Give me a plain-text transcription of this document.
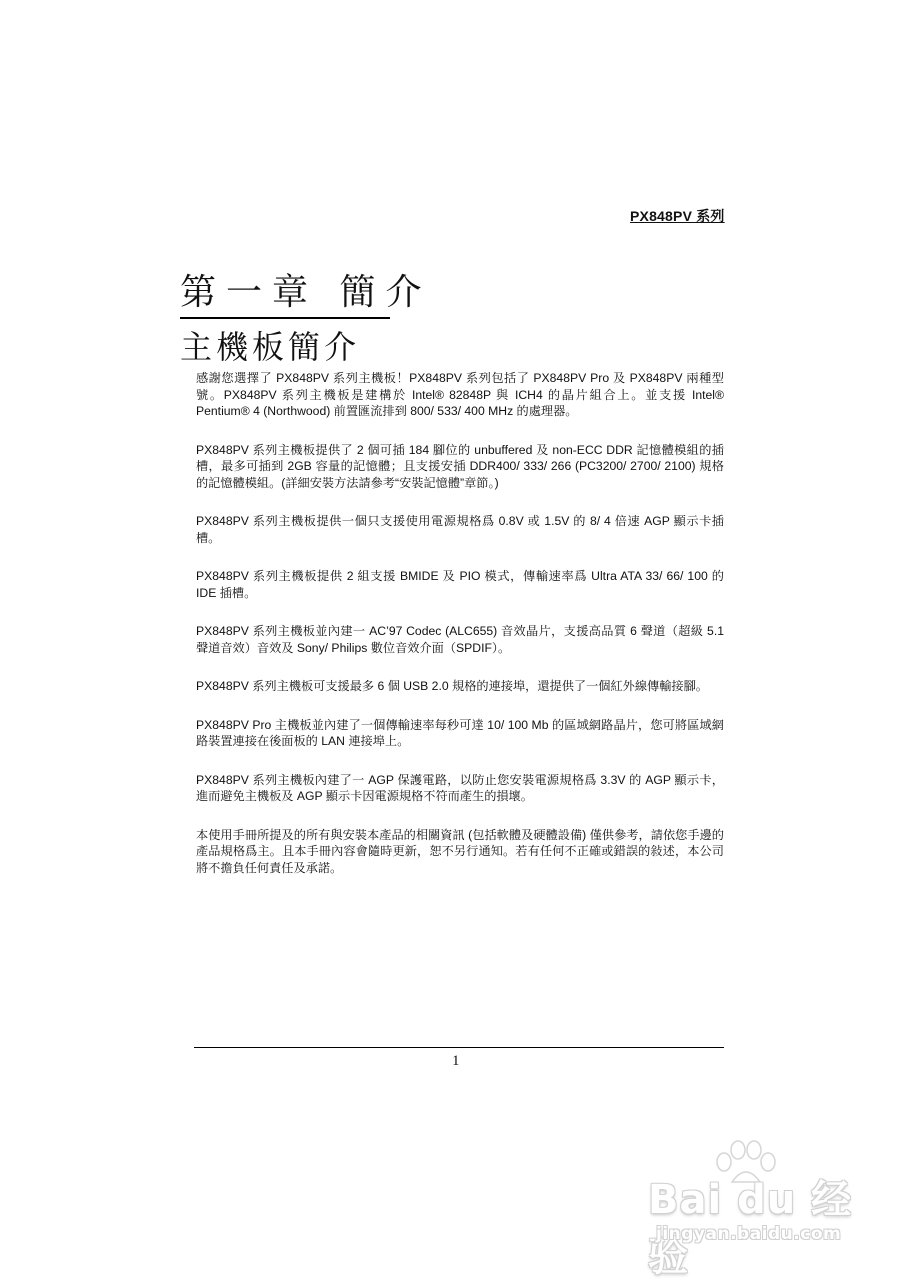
PX848PV 系列
第一章 簡介
主機板簡介

感謝您選擇了 PX848PV 系列主機板！PX848PV 系列包括了 PX848PV Pro 及 PX848PV 兩種型號。PX848PV 系列主機板是建構於 Intel® 82848P 與 ICH4 的晶片組合上。並支援 Intel® Pentium® 4 (Northwood) 前置匯流排到 800/ 533/ 400 MHz 的處理器。

PX848PV 系列主機板提供了 2 個可插 184 腳位的 unbuffered 及 non-ECC DDR 記憶體模組的插槽，最多可插到 2GB 容量的記憶體；且支援安插 DDR400/ 333/ 266 (PC3200/ 2700/ 2100) 規格的記憶體模組。(詳細安裝方法請參考“安裝記憶體”章節。)

PX848PV 系列主機板提供一個只支援使用電源規格爲 0.8V 或 1.5V 的 8/ 4 倍速 AGP 顯示卡插槽。

PX848PV 系列主機板提供 2 組支援 BMIDE 及 PIO 模式，傳輸速率爲 Ultra ATA 33/ 66/ 100 的 IDE 插槽。

PX848PV 系列主機板並內建一 AC’97 Codec (ALC655) 音效晶片，支援高品質 6 聲道（超級 5.1 聲道音效）音效及 Sony/ Philips 數位音效介面（SPDIF）。

PX848PV 系列主機板可支援最多 6 個 USB 2.0 規格的連接埠，還提供了一個紅外線傳輸接腳。

PX848PV Pro 主機板並內建了一個傳輸速率每秒可達 10/ 100 Mb 的區域網路晶片，您可將區域網路裝置連接在後面板的 LAN 連接埠上。

PX848PV 系列主機板內建了一 AGP 保護電路，以防止您安裝電源規格爲 3.3V 的 AGP 顯示卡，進而避免主機板及 AGP 顯示卡因電源規格不符而產生的損壞。

本使用手冊所提及的所有與安裝本產品的相關資訊 (包括軟體及硬體設備) 僅供參考，請依您手邊的產品規格爲主。且本手冊內容會隨時更新，恕不另行通知。若有任何不正確或錯誤的敍述，本公司將不擔負任何責任及承諾。

1
Bai du 经验
jingyan.baidu.com
